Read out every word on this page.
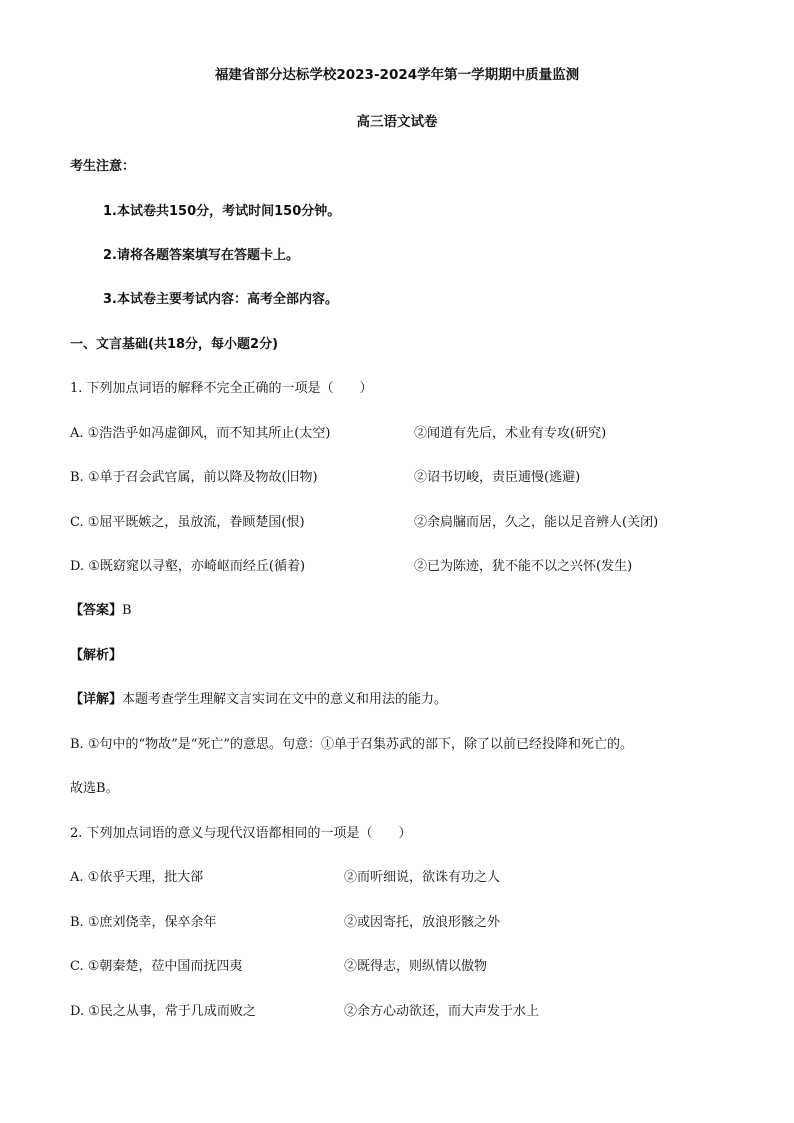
福建省部分达标学校2023-2024学年第一学期期中质量监测
高三语文试卷
考生注意：
1.本试卷共150分，考试时间150分钟。
2.请将各题答案填写在答题卡上。
3.本试卷主要考试内容：高考全部内容。
一、文言基础(共18分，每小题2分)
1. 下列加点词语的解释不完全正确的一项是（　　）
A. ①浩浩乎如冯虚御风，而不知其所止(太空)	②闻道有先后，术业有专攻(研究)
B. ①单于召会武官属，前以降及物故(旧物)	②诏书切峻，责臣逋慢(逃避)
C. ①屈平既嫉之，虽放流，眷顾楚国(恨)	②余扃牖而居，久之，能以足音辨人(关闭)
D. ①既窈窕以寻壑，亦崎岖而经丘(循着)	②已为陈迹，犹不能不以之兴怀(发生)
【答案】B
【解析】
【详解】本题考查学生理解文言实词在文中的意义和用法的能力。
B. ①句中的“物故”是“死亡”的意思。句意：①单于召集苏武的部下，除了以前已经投降和死亡的。
故选B。
2. 下列加点词语的意义与现代汉语都相同的一项是（　　）
A. ①依乎天理，批大郤	②而听细说，欲诛有功之人
B. ①庶刘侥幸，保卒余年	②或因寄托，放浪形骸之外
C. ①朝秦楚，莅中国而抚四夷	②既得志，则纵情以傲物
D. ①民之从事，常于几成而败之	②余方心动欲还，而大声发于水上
